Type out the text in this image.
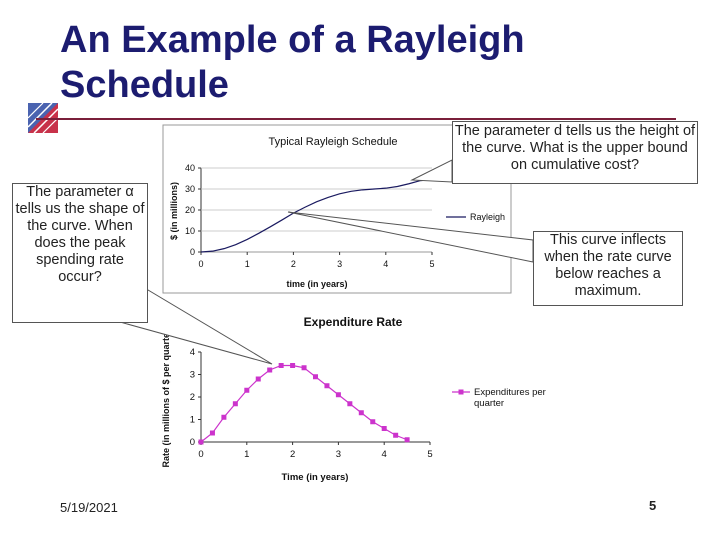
An Example of a Rayleigh
Schedule
Typical Rayleigh Schedule
$ (in millions)
time (in years)
0
10
20
30
40
0	1	2	3	4	5
Rayleigh
Expenditure Rate
Rate (in millions of $ per quarter)
Time (in years)
0
1
2
3
4
0	1	2	3	4	5
Expenditures per quarter
The parameter α tells us the shape of the curve. When does the peak spending rate occur?
The parameter d tells us the height of the curve. What is the upper bound on cumulative cost?
This curve inflects when the rate curve below reaches a maximum.
5/19/2021	5
